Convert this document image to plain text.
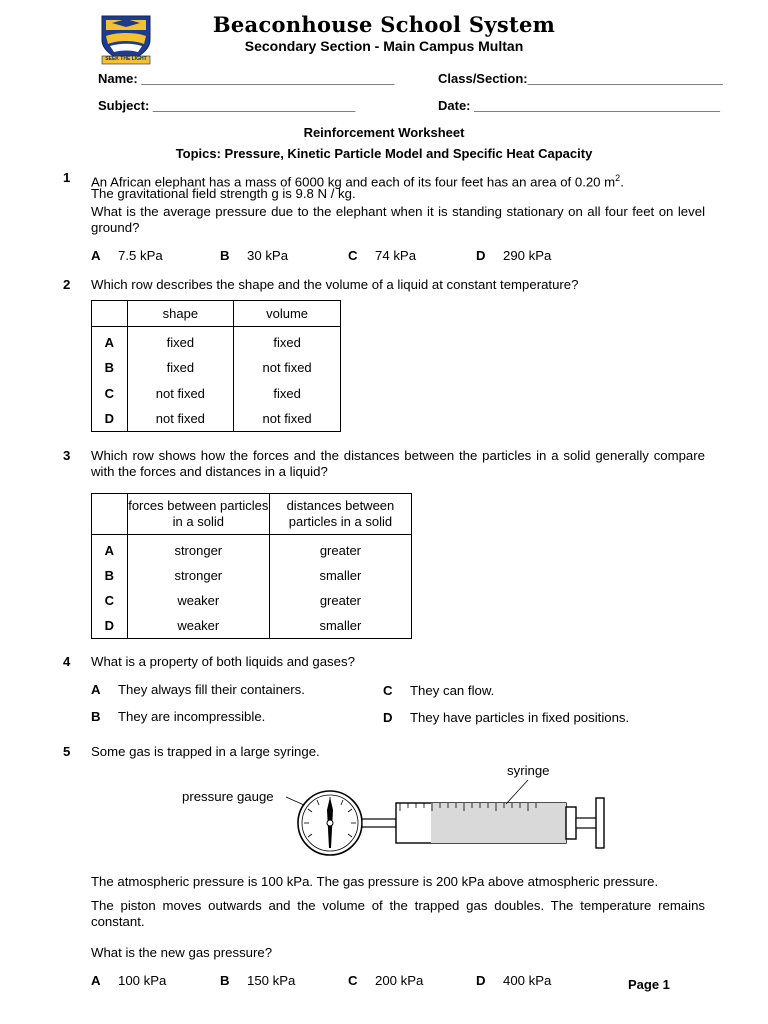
SEEK THE LIGHT
Beaconhouse School System
Secondary Section - Main Campus Multan
Name: ___________________________________	Class/Section:___________________________
Subject: ____________________________	Date: __________________________________
Reinforcement Worksheet
Topics: Pressure, Kinetic Particle Model and Specific Heat Capacity
1 An African elephant has a mass of 6000 kg and each of its four feet has an area of 0.20 $m^2$.
The gravitational field strength g is 9.8 N / kg.
What is the average pressure due to the elephant when it is standing stationary on all four feet on level ground?
A 7.5 kPa	B 30 kPa	C 74 kPa	D 290 kPa
2 Which row describes the shape and the volume of a liquid at constant temperature?
	shape	volume
A	fixed	fixed
B	fixed	not fixed
C	not fixed	fixed
D	not fixed	not fixed
3 Which row shows how the forces and the distances between the particles in a solid generally compare with the forces and distances in a liquid?
	forces between particles in a solid	distances between particles in a solid
A	stronger	greater
B	stronger	smaller
C	weaker	greater
D	weaker	smaller
4 What is a property of both liquids and gases?
A They always fill their containers.
B They are incompressible.
C They can flow.
D They have particles in fixed positions.
5 Some gas is trapped in a large syringe.
pressure gauge
syringe
The atmospheric pressure is 100 kPa. The gas pressure is 200 kPa above atmospheric pressure.
The piston moves outwards and the volume of the trapped gas doubles. The temperature remains constant.
What is the new gas pressure?
A 100 kPa	B 150 kPa	C 200 kPa	D 400 kPa	Page 1
